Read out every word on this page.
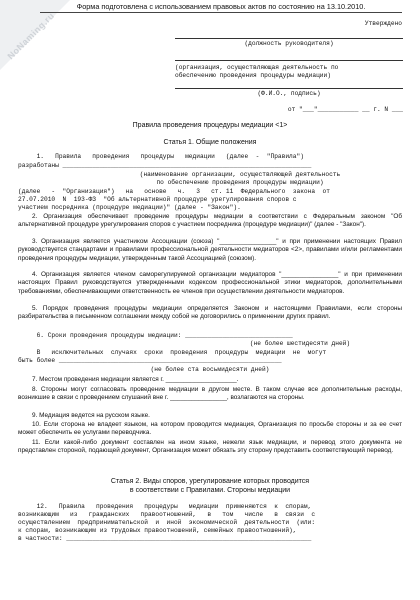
NoNaming.ru
Форма подготовлена с использованием правовых актов по состоянию на 13.10.2010.
Утверждено
(должность руководителя)
(организация, осуществляющая деятельность по
обеспечению проведения процедуры медиации)
(Ф.И.О., подпись)
от "___"___________ __ г. N ___
Правила проведения процедуры медиации <1>
Статья 1. Общие положения
1.   Правила   проведения   процедуры   медиации   (далее  -  "Правила")
разработаны ___________________________________________________________________
(наименование организации, осуществляющей деятельность
по обеспечению проведения процедуры медиации)
(далее   -  "Организация")   на   основе   ч.   3   ст. 11  Федерального  закона  от
27.07.2010  N  193-ФЗ  "Об альтернативной процедуре урегулирования споров с
участием посредника (процедуре медиации)" (далее - "Закон").
2. Организация обеспечивает проведение процедуры медиации в соответствии с Федеральным законом "Об альтернативной процедуре урегулирования споров с участием посредника (процедуре медиации)" (далее - "Закон").
3. Организация является участником Ассоциации (союза) "________________" и при применении настоящих Правил руководствуется стандартами и правилами профессиональной деятельности медиаторов <2>, правилами и/или регламентами проведения процедуры медиации, утвержденным такой Ассоциацией (союзом).
4. Организация является членом саморегулируемой организации медиаторов "________________" и при применении настоящих Правил руководствуется утвержденными кодексом профессиональной этики медиаторов, дополнительными требованиями, обеспечивающими ответственность ее членов при осуществлении деятельности медиаторов.
5. Порядок проведения процедуры медиации определяется Законом и настоящими Правилами, если стороны разбирательства в письменном соглашении между собой не договорились о применении других правил.
6. Сроки проведения процедуры медиации: _____________________________
(не более шестидесяти дней)
В   исключительных  случаях  сроки  проведения  процедуры  медиации  не  могут
быть более ____________________________________________________________
(не более ста восьмидесяти дней)
7. Местом проведения медиации является г. ____________________.
8. Стороны могут согласовать проведение медиации в другом месте. В таком случае все дополнительные расходы, возникшие в связи с проведением слушаний вне г. ________________, возлагаются на стороны.
9. Медиация ведется на русском языке.
10. Если сторона не владеет языком, на котором проводится медиация, Организация по просьбе стороны и за ее счет может обеспечить ее услугами переводчика.
11. Если какой-либо документ составлен на ином языке, нежели язык медиации, и перевод этого документа не представлен стороной, подающей документ, Организация может обязать эту сторону представить соответствующий перевод.
Статья 2. Виды споров, урегулирование которых проводится
в соответствии с Правилами. Стороны медиации
12.   Правила   проведения   процедуры   медиации  применяются  к  спорам,
возникающим   из   гражданских   правоотношений,   в   том   числе   в  связи  с
осуществлением  предпринимательской  и  иной  экономической  деятельности  (или:
к спорам, возникающим из трудовых правоотношений, семейных правоотношений),
в частности: __________________________________________________________________
